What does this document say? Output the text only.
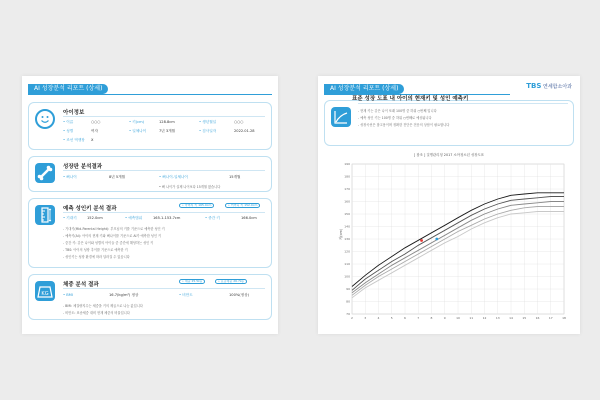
AI 성장분석 리포트 (상세)
아이정보
• 이름	○○○	• 키(cm)	128.8cm	• 생년월일	○○○
• 성별	여자	• 일체나이	7년 3개월	• 검사일자	2022.01.28
• 조선 역생장 X
성장판 분석결과
• 뼈나이	8년 5개월	• 뼈나이-일체나이	15개월
• 뼈 나이가 실제 나이보다 15개월 많습니다
예측 성인키 분석 결과
• 아버지 키 165.0cm	• 어머니 키 152.0cm
• 기대키	152.0cm	• 예측범위	165.1-153.7cm	• 중간 키	166.0cm
- 기대키(Mid-Parental Height): 부모님의 키를 기준으로 예측한 성인 키
- 예측키(AI): 아이의 현재 키와 뼈나이를 기준으로 AI가 예측한 성인 키
- 중간 키: 같은 나이와 성별의 아이들 중 중간에 해당하는 성인 키
- TBS: 아이의 성장 추이를 기준으로 예측한 키
- 성인키는 성장 환경에 따라 달라질 수 있습니다
KG
체중 분석 결과
• 체중 25.5kg	• 표준체중 26.7kg
• BMI	16.7(kg/m²) 정상	• 비만도	100%(정상)
- BMI: 체질량지수는 체중을 키의 제곱으로 나눈 값입니다
- 비만도: 표준체중 대비 현재 체중의 비율입니다
AI 성장분석 리포트 (상세)	TBS 연세함소아과
표준 성장 도표 내 아이의 현재키 및 성인 예측키
- 현재 키는 같은 나이 또래 100명 중 하위 ○번째 입니다
- 예측 성인 키는 100명 중 하위 ○번째로 예상됩니다
- 성장곡선은 참고용이며 정확한 진단은 전문의 상담이 필요합니다
[ 참조 ] 질병관리청 2017 소아청소년 성장도표
2	3	4	5	6	7	8	9	10	11	12	13	14	15	16	17	18
70
80
90
100
110
120
130
140
150
160
170
180
190
키(cm)
